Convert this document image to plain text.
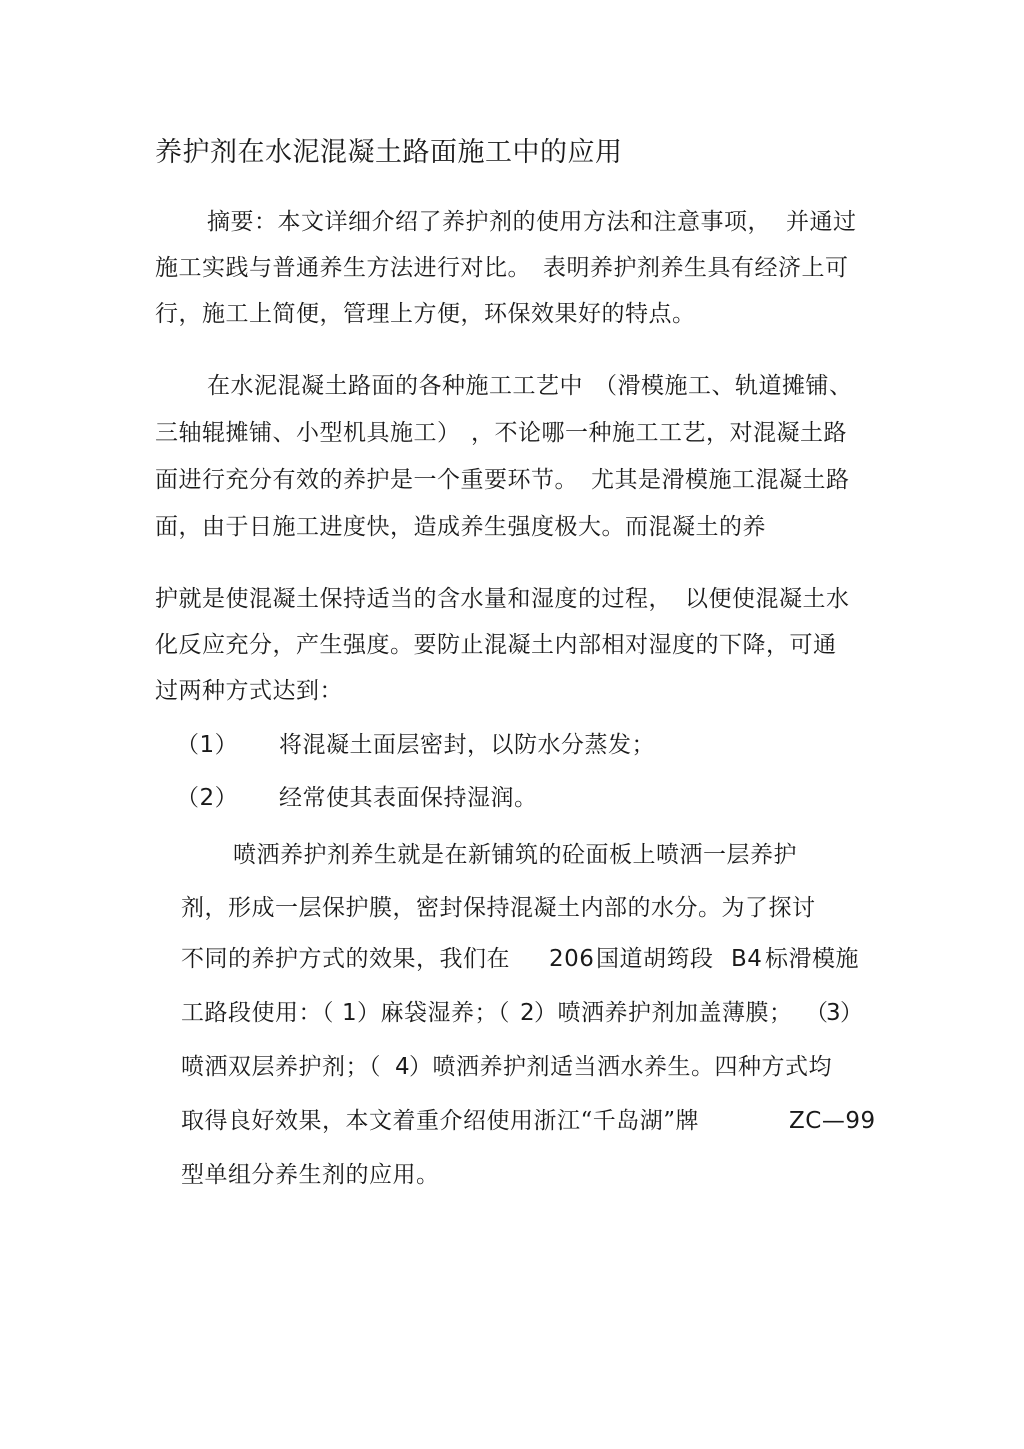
养护剂在水泥混凝土路面施工中的应用
摘要：本文详细介绍了养护剂的使用方法和注意事项， 并通过
施工实践与普通养生方法进行对比。 表明养护剂养生具有经济上可
行，施工上简便，管理上方便，环保效果好的特点。
在水泥混凝土路面的各种施工工艺中 （滑模施工、轨道摊铺、
三轴辊摊铺、小型机具施工） ，不论哪一种施工工艺，对混凝土路
面进行充分有效的养护是一个重要环节。 尤其是滑模施工混凝土路
面，由于日施工进度快，造成养生强度极大。而混凝土的养
护就是使混凝土保持适当的含水量和湿度的过程， 以便使混凝土水
化反应充分，产生强度。要防止混凝土内部相对湿度的下降，可通
过两种方式达到：
（1） 将混凝土面层密封，以防水分蒸发；
（2） 经常使其表面保持湿润。
喷洒养护剂养生就是在新铺筑的砼面板上喷洒一层养护
剂，形成一层保护膜，密封保持混凝土内部的水分。为了探讨
不同的养护方式的效果，我们在 206 国道胡筠段 B4 标滑模施
工路段使用：（ 1 ）麻袋湿养；（ 2
）喷洒养护剂加盖薄膜； （
3
）
喷洒双层养护剂；（ 4
）喷洒养护剂适当洒水养生。四种方式均
取得良好效果，本文着重介绍使用浙江“千岛湖”牌	ZC—99
型单组分养生剂的应用。
